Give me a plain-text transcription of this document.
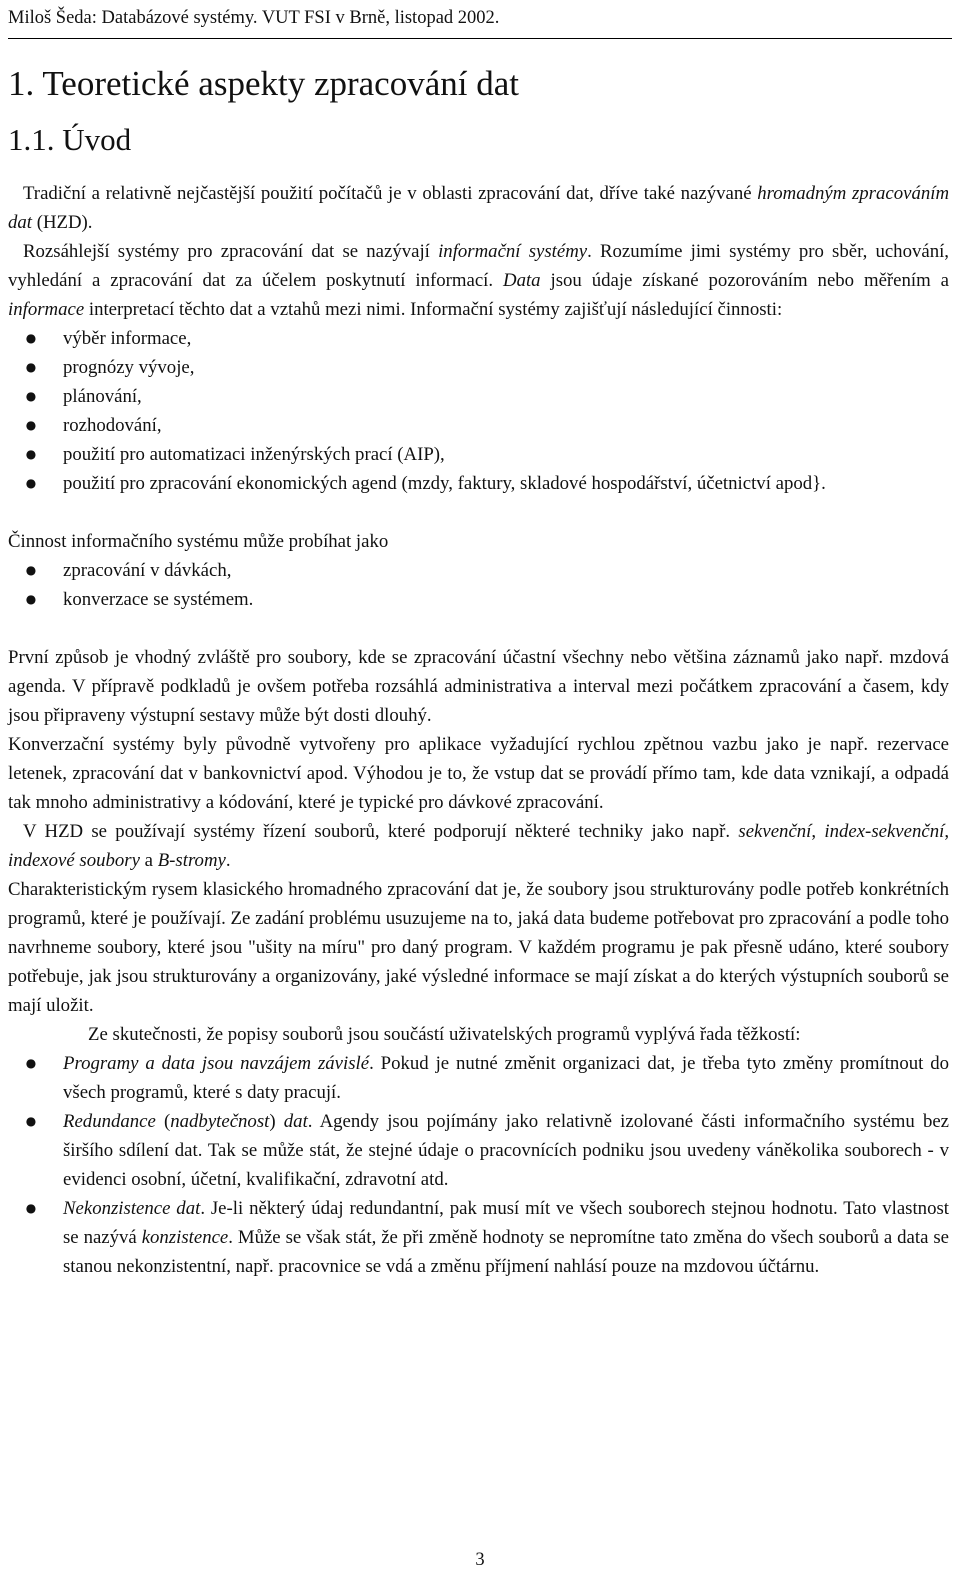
Miloš Šeda: Databázové systémy. VUT FSI v Brně, listopad 2002.
1. Teoretické aspekty zpracování dat
1.1. Úvod

Tradiční a relativně nejčastější použití počítačů je v oblasti zpracování dat, dříve také nazývané hromadným zpracováním dat (HZD).

Rozsáhlejší systémy pro zpracování dat se nazývají informační systémy. Rozumíme jimi systémy pro sběr, uchování, vyhledání a zpracování dat za účelem poskytnutí informací. Data jsou údaje získané pozorováním nebo měřením a informace interpretací těchto dat a vztahů mezi nimi. Informační systémy zajišťují následující činnosti:

● výběr informace,
● prognózy vývoje,
● plánování,
● rozhodování,
● použití pro automatizaci inženýrských prací (AIP),
● použití pro zpracování ekonomických agend (mzdy, faktury, skladové hospodářství, účetnictví apod}.

Činnost informačního systému může probíhat jako

● zpracování v dávkách,
● konverzace se systémem.

První způsob je vhodný zvláště pro soubory, kde se zpracování účastní všechny nebo většina záznamů jako např. mzdová agenda. V přípravě podkladů je ovšem potřeba rozsáhlá administrativa a interval mezi počátkem zpracování a časem, kdy jsou připraveny výstupní sestavy může být dosti dlouhý.

Konverzační systémy byly původně vytvořeny pro aplikace vyžadující rychlou zpětnou vazbu jako je např. rezervace letenek, zpracování dat v bankovnictví apod. Výhodou je to, že vstup dat se provádí přímo tam, kde data vznikají, a odpadá tak mnoho administrativy a kódování, které je typické pro dávkové zpracování.

V HZD se používají systémy řízení souborů, které podporují některé techniky jako např. sekvenční, index-sekvenční, indexové soubory a B-stromy.

Charakteristickým rysem klasického hromadného zpracování dat je, že soubory jsou strukturovány podle potřeb konkrétních programů, které je používají. Ze zadání problému usuzujeme na to, jaká data budeme potřebovat pro zpracování a podle toho navrhneme soubory, které jsou "ušity na míru" pro daný program. V každém programu je pak přesně udáno, které soubory potřebuje, jak jsou strukturovány a organizovány, jaké výsledné informace se mají získat a do kterých výstupních souborů se mají uložit.

Ze skutečnosti, že popisy souborů jsou součástí uživatelských programů vyplývá řada těžkostí:

● Programy a data jsou navzájem závislé. Pokud je nutné změnit organizaci dat, je třeba tyto změny promítnout do všech programů, které s daty pracují.
● Redundance (nadbytečnost) dat. Agendy jsou pojímány jako relativně izolované části informačního systému bez širšího sdílení dat. Tak se může stát, že stejné údaje o pracovnících podniku jsou uvedeny váněkolika souborech - v evidenci osobní, účetní, kvalifikační, zdravotní atd.
● Nekonzistence dat. Je-li některý údaj redundantní, pak musí mít ve všech souborech stejnou hodnotu. Tato vlastnost se nazývá konzistence. Může se však stát, že při změně hodnoty se nepromítne tato změna do všech souborů a data se stanou nekonzistentní, např. pracovnice se vdá a změnu příjmení nahlásí pouze na mzdovou účtárnu.
3
